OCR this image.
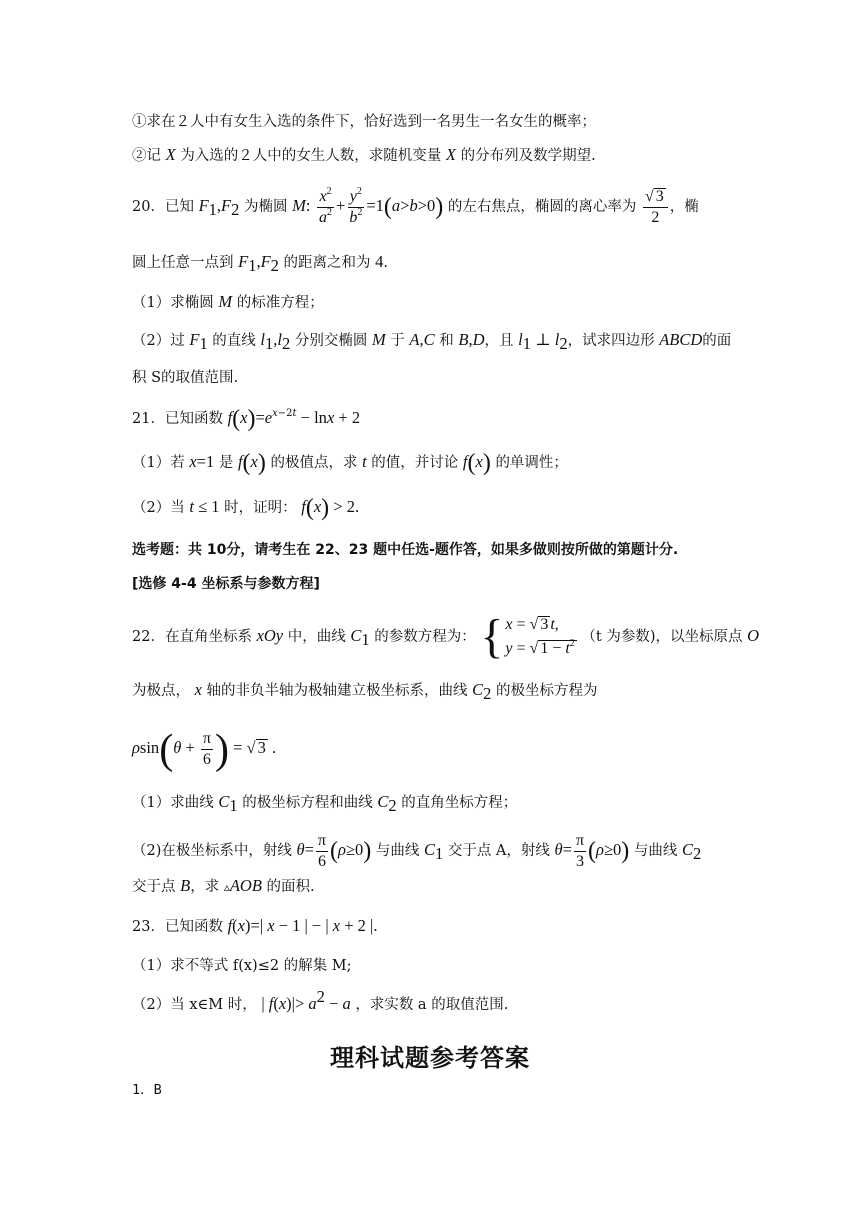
①求在２人中有女生入选的条件下，恰好选到一名男生一名女生的概率；
②记 X 为入选的２人中的女生人数，求随机变量 X 的分布列及数学期望.
20．已知 $F_1,F_2$ 为椭圆 M: $\frac{x^2}{a^2} + \frac{y^2}{b^2} =1(a>b>0)$ 的左右焦点，椭圆的离心率为 $\frac{√ 3}{2}$ ，椭
圆上任意一点到 $F_1,F_2$ 的距离之和为 4.
（1）求椭圆 M 的标准方程；
（2）过 $F_1$ 的直线 $l_1,l_2$ 分别交椭圆 M 于 A,C 和 B,D，且 $l_1$ ⊥ $l_2$，试求四边形 ABCD的面
积 S的取值范围.
21．已知函数 $f(x)=e^{x-2t} - \ln x + 2$
（1）若 x=1 是 f(x) 的极值点，求 t 的值，并讨论 f(x) 的单调性；
（2）当 t ≤ 1 时，证明： f(x) > 2.
选考题：共 10分，请考生在 22、23 题中任选-题作答，如果多做则按所做的第题计分.
[选修 4-4 坐标系与参数方程]
22．在直角坐标系 xOy 中，曲线 $C_1$ 的参数方程为： { x = √ 3 t,
y = √ $1 - t^2$ （t 为参数)，以坐标原点 O
为极点， x 轴的非负半轴为极轴建立极坐标系，曲线 $C_2$ 的极坐标方程为
$\rho\sin(\theta + \frac{\pi}{6}$ ) = √ 3 .
（1）求曲线 $C_1$ 的极坐标方程和曲线 $C_2$ 的直角坐标方程；
（2)在极坐标系中，射线 $\theta= \frac{\pi}{6} (\rho\ge 0)$ 与曲线 $C_1$ 交于点 A，射线 $\theta= \frac{\pi}{3} (\rho\ge 0)$ 与曲线 $C_2$
交于点 B，求 ▵AOB 的面积.
23．已知函数 f(x)=| x − 1 | − | x + 2 |.
（1）求不等式 f(x)≤2 的解集 M;
（2）当 x∈M 时， | $f(x)|> a^2 - a$ ，求实数 a 的取值范围.
理科试题参考答案
1．B
